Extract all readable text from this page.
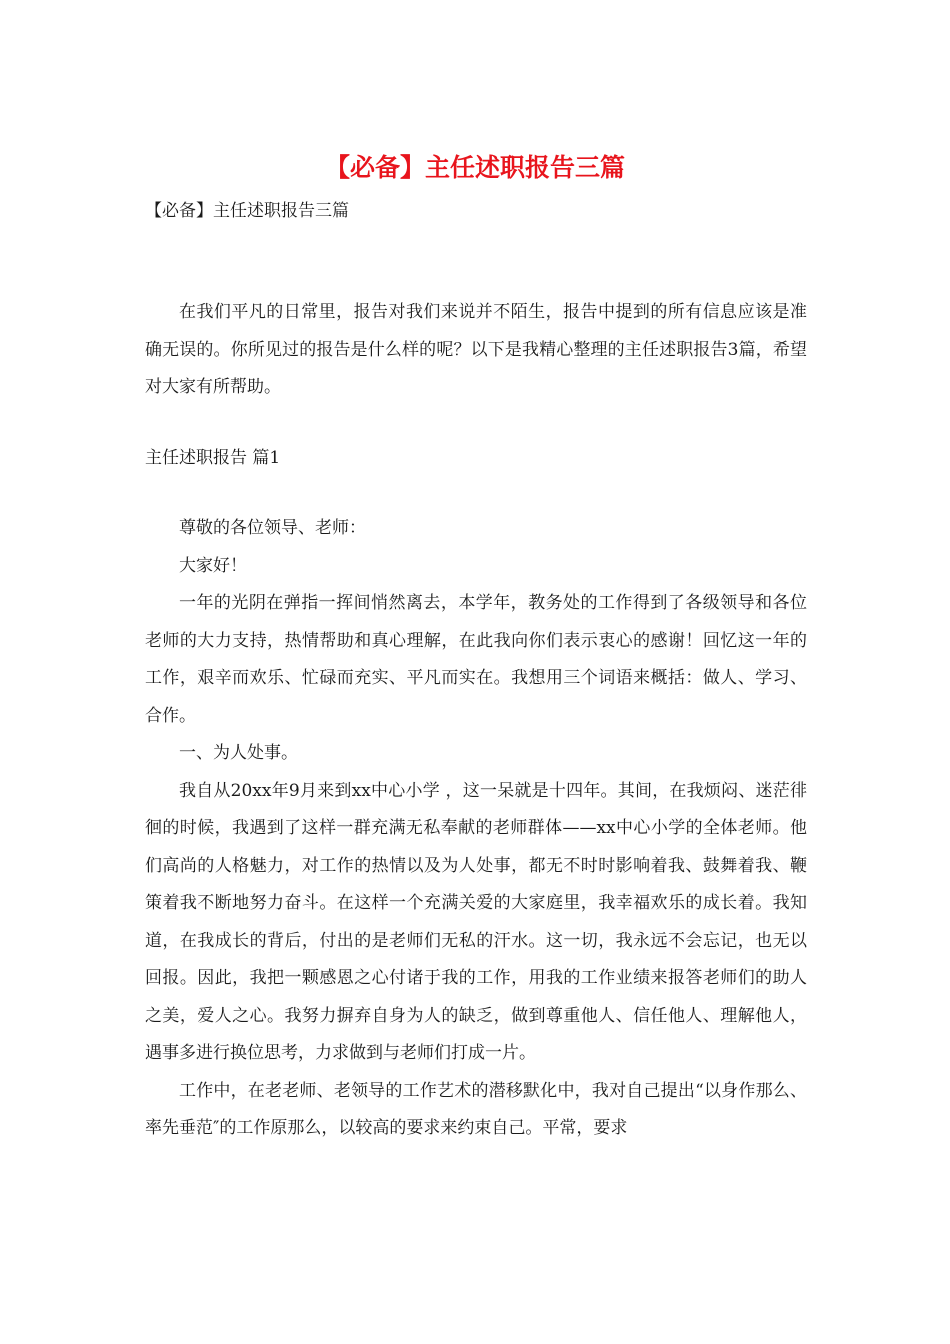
【必备】主任述职报告三篇
【必备】主任述职报告三篇

在我们平凡的日常里，报告对我们来说并不陌生，报告中提到的所有信息应该是准确无误的。你所见过的报告是什么样的呢？以下是我精心整理的主任述职报告3篇，希望对大家有所帮助。

主任述职报告 篇1

尊敬的各位领导、老师：

大家好！

一年的光阴在弹指一挥间悄然离去，本学年，教务处的工作得到了各级领导和各位老师的大力支持，热情帮助和真心理解，在此我向你们表示衷心的感谢！回忆这一年的工作，艰辛而欢乐、忙碌而充实、平凡而实在。我想用三个词语来概括：做人、学习、合作。

一、为人处事。

我自从20xx年9月来到xx中心小学 ，这一呆就是十四年。其间，在我烦闷、迷茫徘徊的时候，我遇到了这样一群充满无私奉献的老师群体——xx中心小学的全体老师。他们高尚的人格魅力，对工作的热情以及为人处事，都无不时时影响着我、鼓舞着我、鞭策着我不断地努力奋斗。在这样一个充满关爱的大家庭里，我幸福欢乐的成长着。我知道，在我成长的背后，付出的是老师们无私的汗水。这一切，我永远不会忘记，也无以回报。因此，我把一颗感恩之心付诸于我的工作，用我的工作业绩来报答老师们的助人之美，爱人之心。我努力摒弃自身为人的缺乏，做到尊重他人、信任他人、理解他人，遇事多进行换位思考，力求做到与老师们打成一片。

工作中，在老老师、老领导的工作艺术的潜移默化中，我对自己提出“以身作那么、率先垂范″的工作原那么，以较高的要求来约束自己。平常，要求
